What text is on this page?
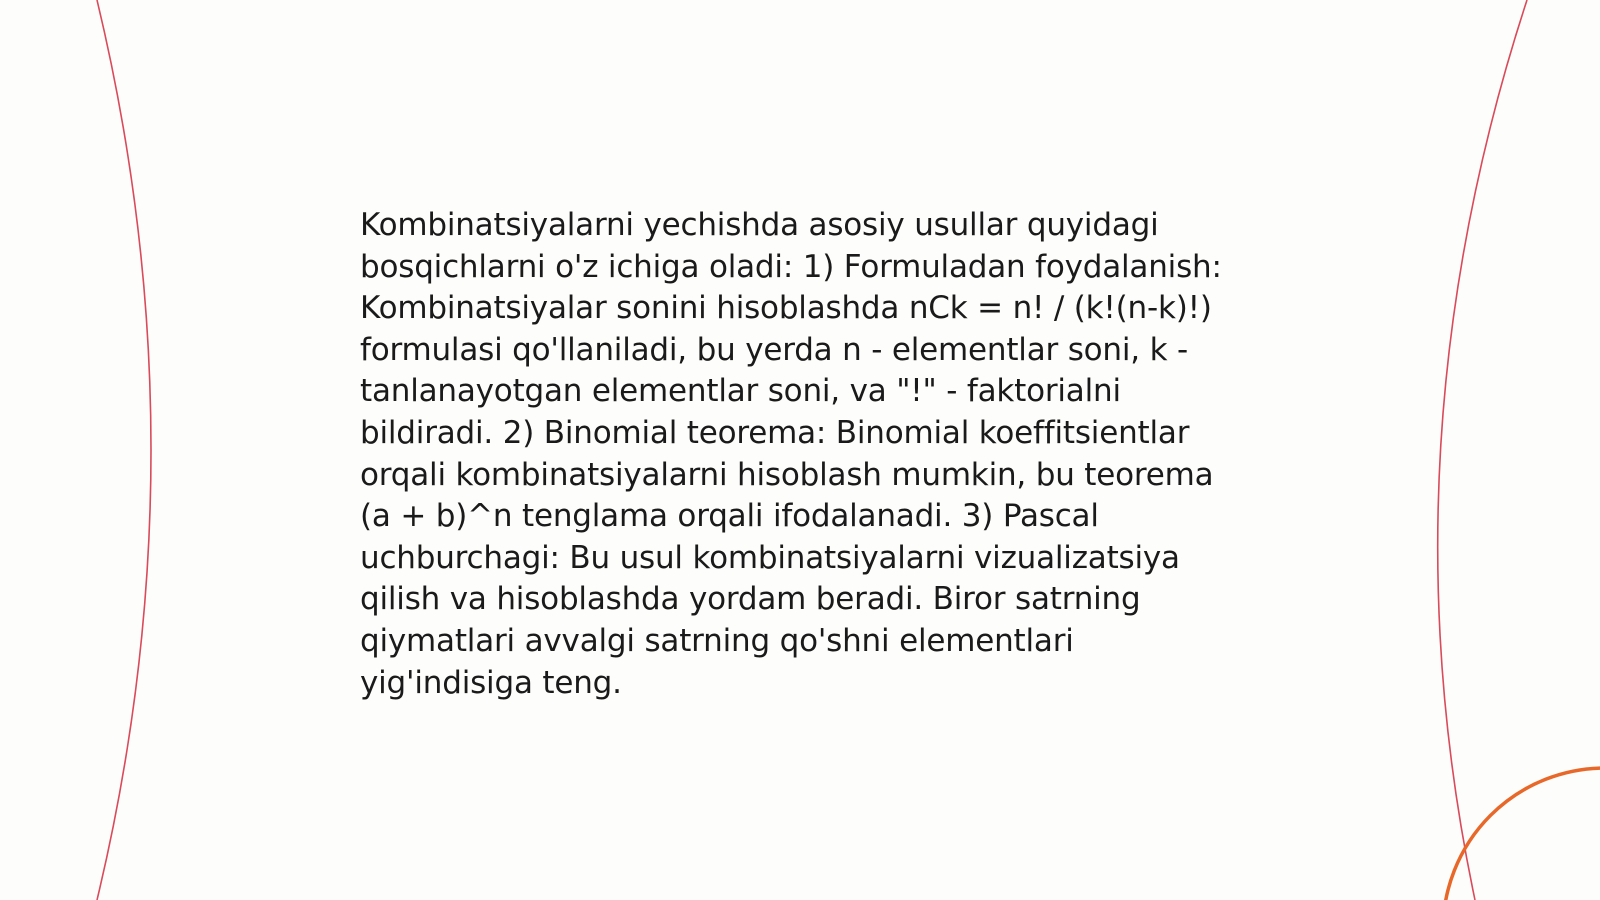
Kombinatsiyalarni yechishda asosiy usullar quyidagi bosqichlarni o'z ichiga oladi: 1) Formuladan foydalanish: Kombinatsiyalar sonini hisoblashda nCk = n! / (k!(n-k)!) formulasi qo'llaniladi, bu yerda n - elementlar soni, k - tanlanayotgan elementlar soni, va "!" - faktorialni bildiradi. 2) Binomial teorema: Binomial koeffitsientlar orqali kombinatsiyalarni hisoblash mumkin, bu teorema (a + b)^n tenglama orqali ifodalanadi. 3) Pascal uchburchagi: Bu usul kombinatsiyalarni vizualizatsiya qilish va hisoblashda yordam beradi. Biror satrning qiymatlari avvalgi satrning qo'shni elementlari yig'indisiga teng.
